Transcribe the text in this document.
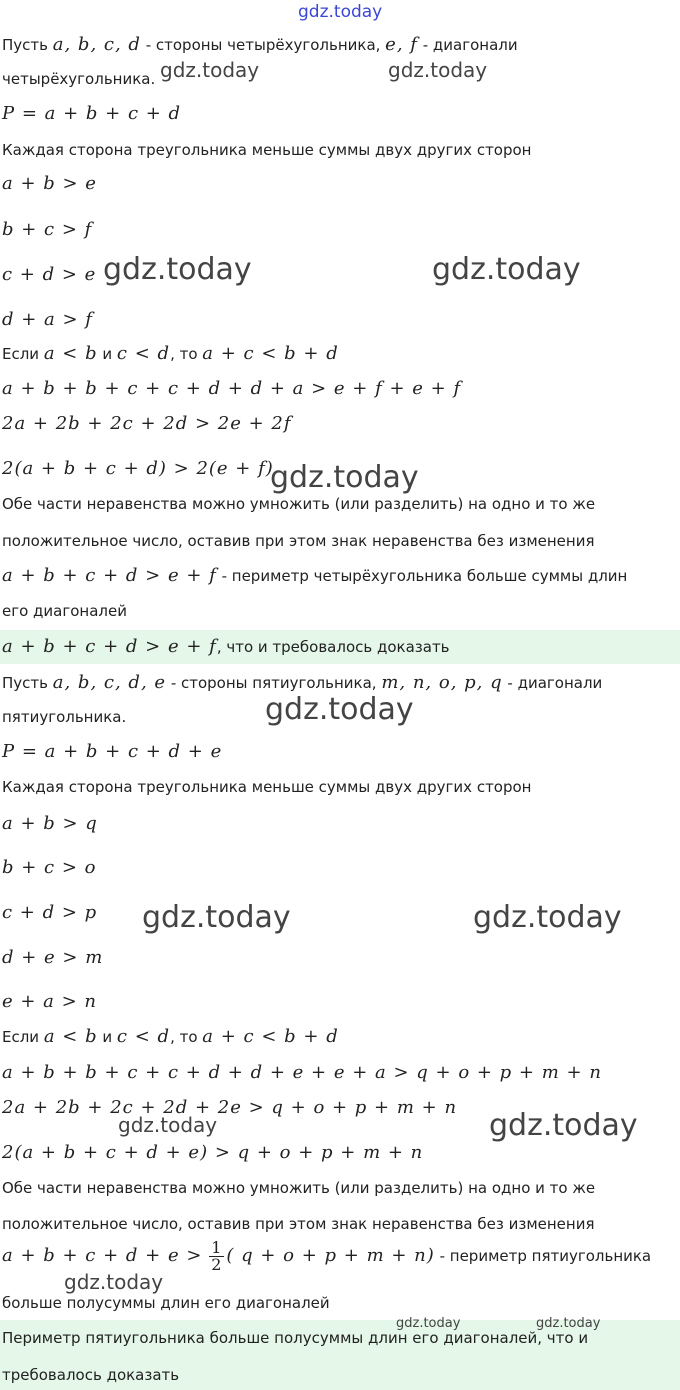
Пусть a, b, c, d - стороны четырёхугольника, e, f - диагонали
четырёхугольника.
P = a + b + c + d
Каждая сторона треугольника меньше суммы двух других сторон
a + b > e
b + c > f
c + d > e
d + a > f
Если a < b и c < d, то a + c < b + d
a + b + b + c + c + d + d + a > e + f + e + f
2a + 2b + 2c + 2d > 2e + 2f
2(a + b + c + d) > 2(e + f)
Обе части неравенства можно умножить (или разделить) на одно и то же
положительное число, оставив при этом знак неравенства без изменения
a + b + c + d > e + f - периметр четырёхугольника больше суммы длин
его диагоналей
a + b + c + d > e + f, что и требовалось доказать
Пусть a, b, c, d, e - стороны пятиугольника, m, n, o, p, q - диагонали
пятиугольника.
P = a + b + c + d + e
Каждая сторона треугольника меньше суммы двух других сторон
a + b > q
b + c > o
c + d > p
d + e > m
e + a > n
Если a < b и c < d, то a + c < b + d
a + b + b + c + c + d + d + e + e + a > q + o + p + m + n
2a + 2b + 2c + 2d + 2e > q + o + p + m + n
2(a + b + c + d + e) > q + o + p + m + n
Обе части неравенства можно умножить (или разделить) на одно и то же
положительное число, оставив при этом знак неравенства без изменения
$a + b + c + d + e > \frac{1}{2}$ ( q + o + p + m + n) - периметр пятиугольника
больше полусуммы длин его диагоналей
Периметр пятиугольника больше полусуммы длин его диагоналей, что и
требовалось доказать
gdz.today
gdz.today	gdz.today
gdz.today	gdz.today
gdz.today
gdz.today
gdz.today	gdz.today
gdz.today	gdz.today
gdz.today
gdz.today	gdz.today
